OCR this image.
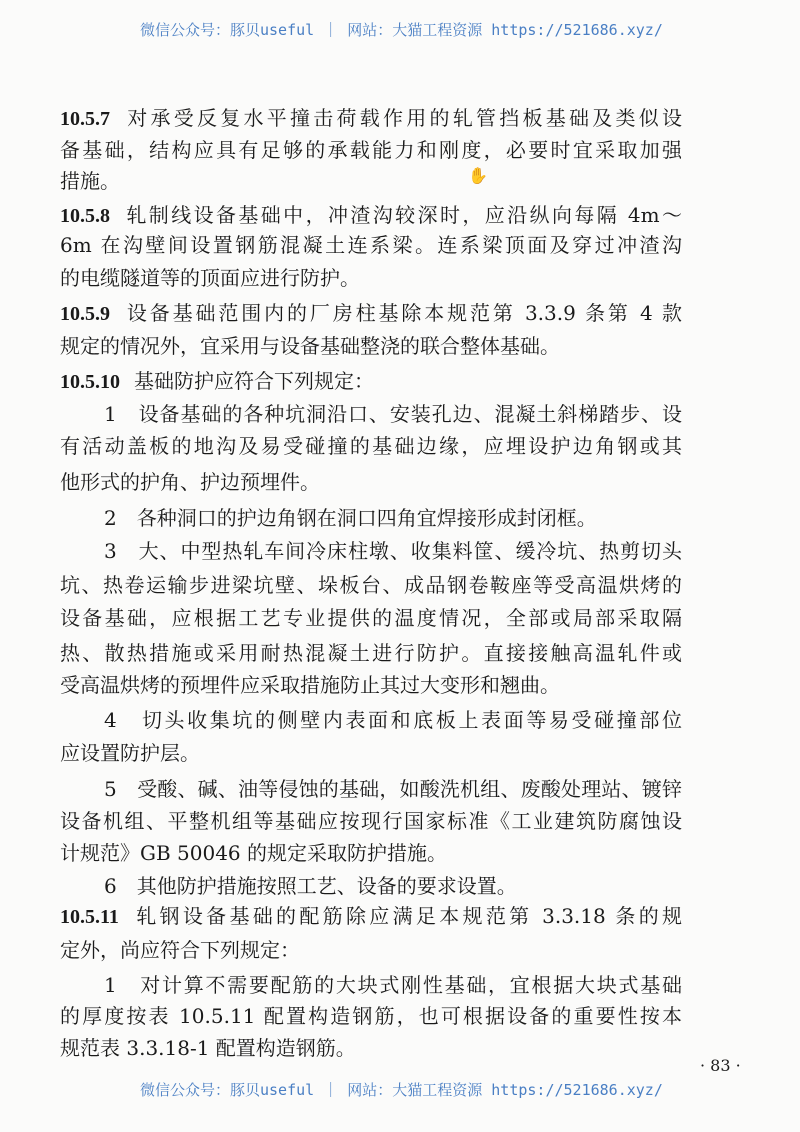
微信公众号：豚贝useful ｜ 网站：大猫工程资源 https://521686.xyz/
10.5.7 对承受反复水平撞击荷载作用的轧管挡板基础及类似设
备基础，结构应具有足够的承载能力和刚度，必要时宜采取加强
措施。
10.5.8 轧制线设备基础中，冲渣沟较深时，应沿纵向每隔 4m～
6m 在沟壁间设置钢筋混凝土连系梁。连系梁顶面及穿过冲渣沟
的电缆隧道等的顶面应进行防护。
10.5.9 设备基础范围内的厂房柱基除本规范第 3.3.9 条第 4 款
规定的情况外，宜采用与设备基础整浇的联合整体基础。
10.5.10 基础防护应符合下列规定：
1　设备基础的各种坑洞沿口、安装孔边、混凝土斜梯踏步、设
有活动盖板的地沟及易受碰撞的基础边缘，应埋设护边角钢或其
他形式的护角、护边预埋件。
2　各种洞口的护边角钢在洞口四角宜焊接形成封闭框。
3　大、中型热轧车间冷床柱墩、收集料筐、缓冷坑、热剪切头
坑、热卷运输步进梁坑壁、垛板台、成品钢卷鞍座等受高温烘烤的
设备基础，应根据工艺专业提供的温度情况，全部或局部采取隔
热、散热措施或采用耐热混凝土进行防护。直接接触高温轧件或
受高温烘烤的预埋件应采取措施防止其过大变形和翘曲。
4　切头收集坑的侧壁内表面和底板上表面等易受碰撞部位
应设置防护层。
5　受酸、碱、油等侵蚀的基础，如酸洗机组、废酸处理站、镀锌
设备机组、平整机组等基础应按现行国家标准《工业建筑防腐蚀设
计规范》GB 50046 的规定采取防护措施。
6　其他防护措施按照工艺、设备的要求设置。
10.5.11 轧钢设备基础的配筋除应满足本规范第 3.3.18 条的规
定外，尚应符合下列规定：
1　对计算不需要配筋的大块式刚性基础，宜根据大块式基础
的厚度按表 10.5.11 配置构造钢筋，也可根据设备的重要性按本
规范表 3.3.18-1 配置构造钢筋。
✋
· 83 ·
微信公众号：豚贝useful ｜ 网站：大猫工程资源 https://521686.xyz/
